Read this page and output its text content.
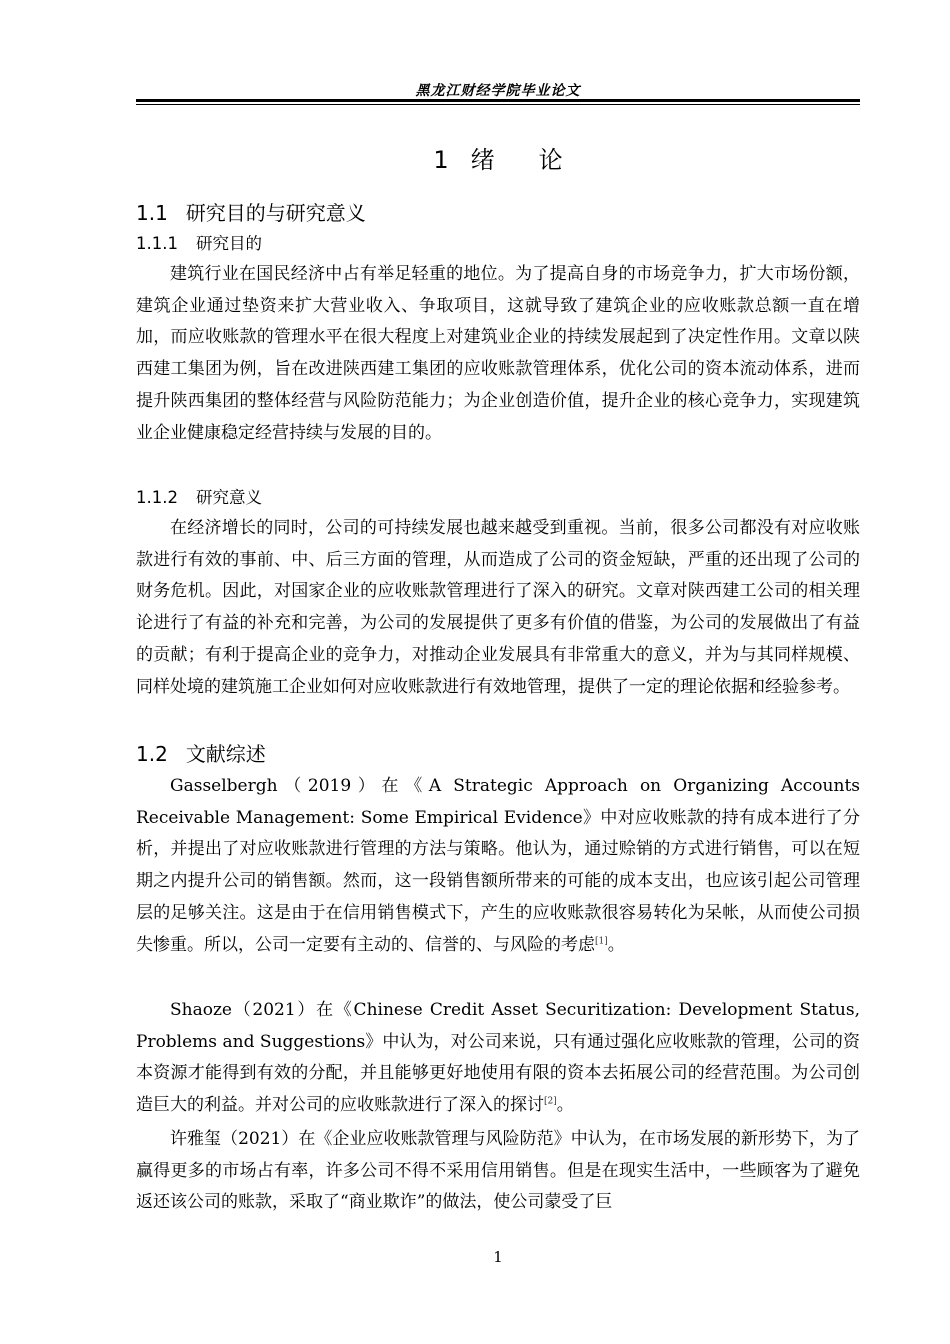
黑龙江财经学院毕业论文
1 绪 论
1.1 研究目的与研究意义
1.1.1 研究目的

建筑行业在国民经济中占有举足轻重的地位。为了提高自身的市场竞争力，扩大市场份额，建筑企业通过垫资来扩大营业收入、争取项目，这就导致了建筑企业的应收账款总额一直在增加，而应收账款的管理水平在很大程度上对建筑业企业的持续发展起到了决定性作用。文章以陕西建工集团为例，旨在改进陕西建工集团的应收账款管理体系，优化公司的资本流动体系，进而提升陕西集团的整体经营与风险防范能力；为企业创造价值，提升企业的核心竞争力，实现建筑业企业健康稳定经营持续与发展的目的。

1.1.2 研究意义

在经济增长的同时，公司的可持续发展也越来越受到重视。当前，很多公司都没有对应收账款进行有效的事前、中、后三方面的管理，从而造成了公司的资金短缺，严重的还出现了公司的财务危机。因此，对国家企业的应收账款管理进行了深入的研究。文章对陕西建工公司的相关理论进行了有益的补充和完善，为公司的发展提供了更多有价值的借鉴，为公司的发展做出了有益的贡献；有利于提高企业的竞争力，对推动企业发展具有非常重大的意义，并为与其同样规模、同样处境的建筑施工企业如何对应收账款进行有效地管理，提供了一定的理论依据和经验参考。

1.2 文献综述

Gasselbergh（2019）在《A Strategic Approach on Organizing Accounts Receivable Management: Some Empirical Evidence》中对应收账款的持有成本进行了分析，并提出了对应收账款进行管理的方法与策略。他认为，通过赊销的方式进行销售，可以在短期之内提升公司的销售额。然而，这一段销售额所带来的可能的成本支出，也应该引起公司管理层的足够关注。这是由于在信用销售模式下，产生的应收账款很容易转化为呆帐，从而使公司损失惨重。所以，公司一定要有主动的、信誉的、与风险的考虑[1]。

Shaoze（2021）在《Chinese Credit Asset Securitization: Development Status, Problems and Suggestions》中认为，对公司来说，只有通过强化应收账款的管理，公司的资本资源才能得到有效的分配，并且能够更好地使用有限的资本去拓展公司的经营范围。为公司创造巨大的利益。并对公司的应收账款进行了深入的探讨[2]。

许雅玺（2021）在《企业应收账款管理与风险防范》中认为，在市场发展的新形势下，为了赢得更多的市场占有率，许多公司不得不采用信用销售。但是在现实生活中，一些顾客为了避免返还该公司的账款，采取了“商业欺诈”的做法，使公司蒙受了巨

1
